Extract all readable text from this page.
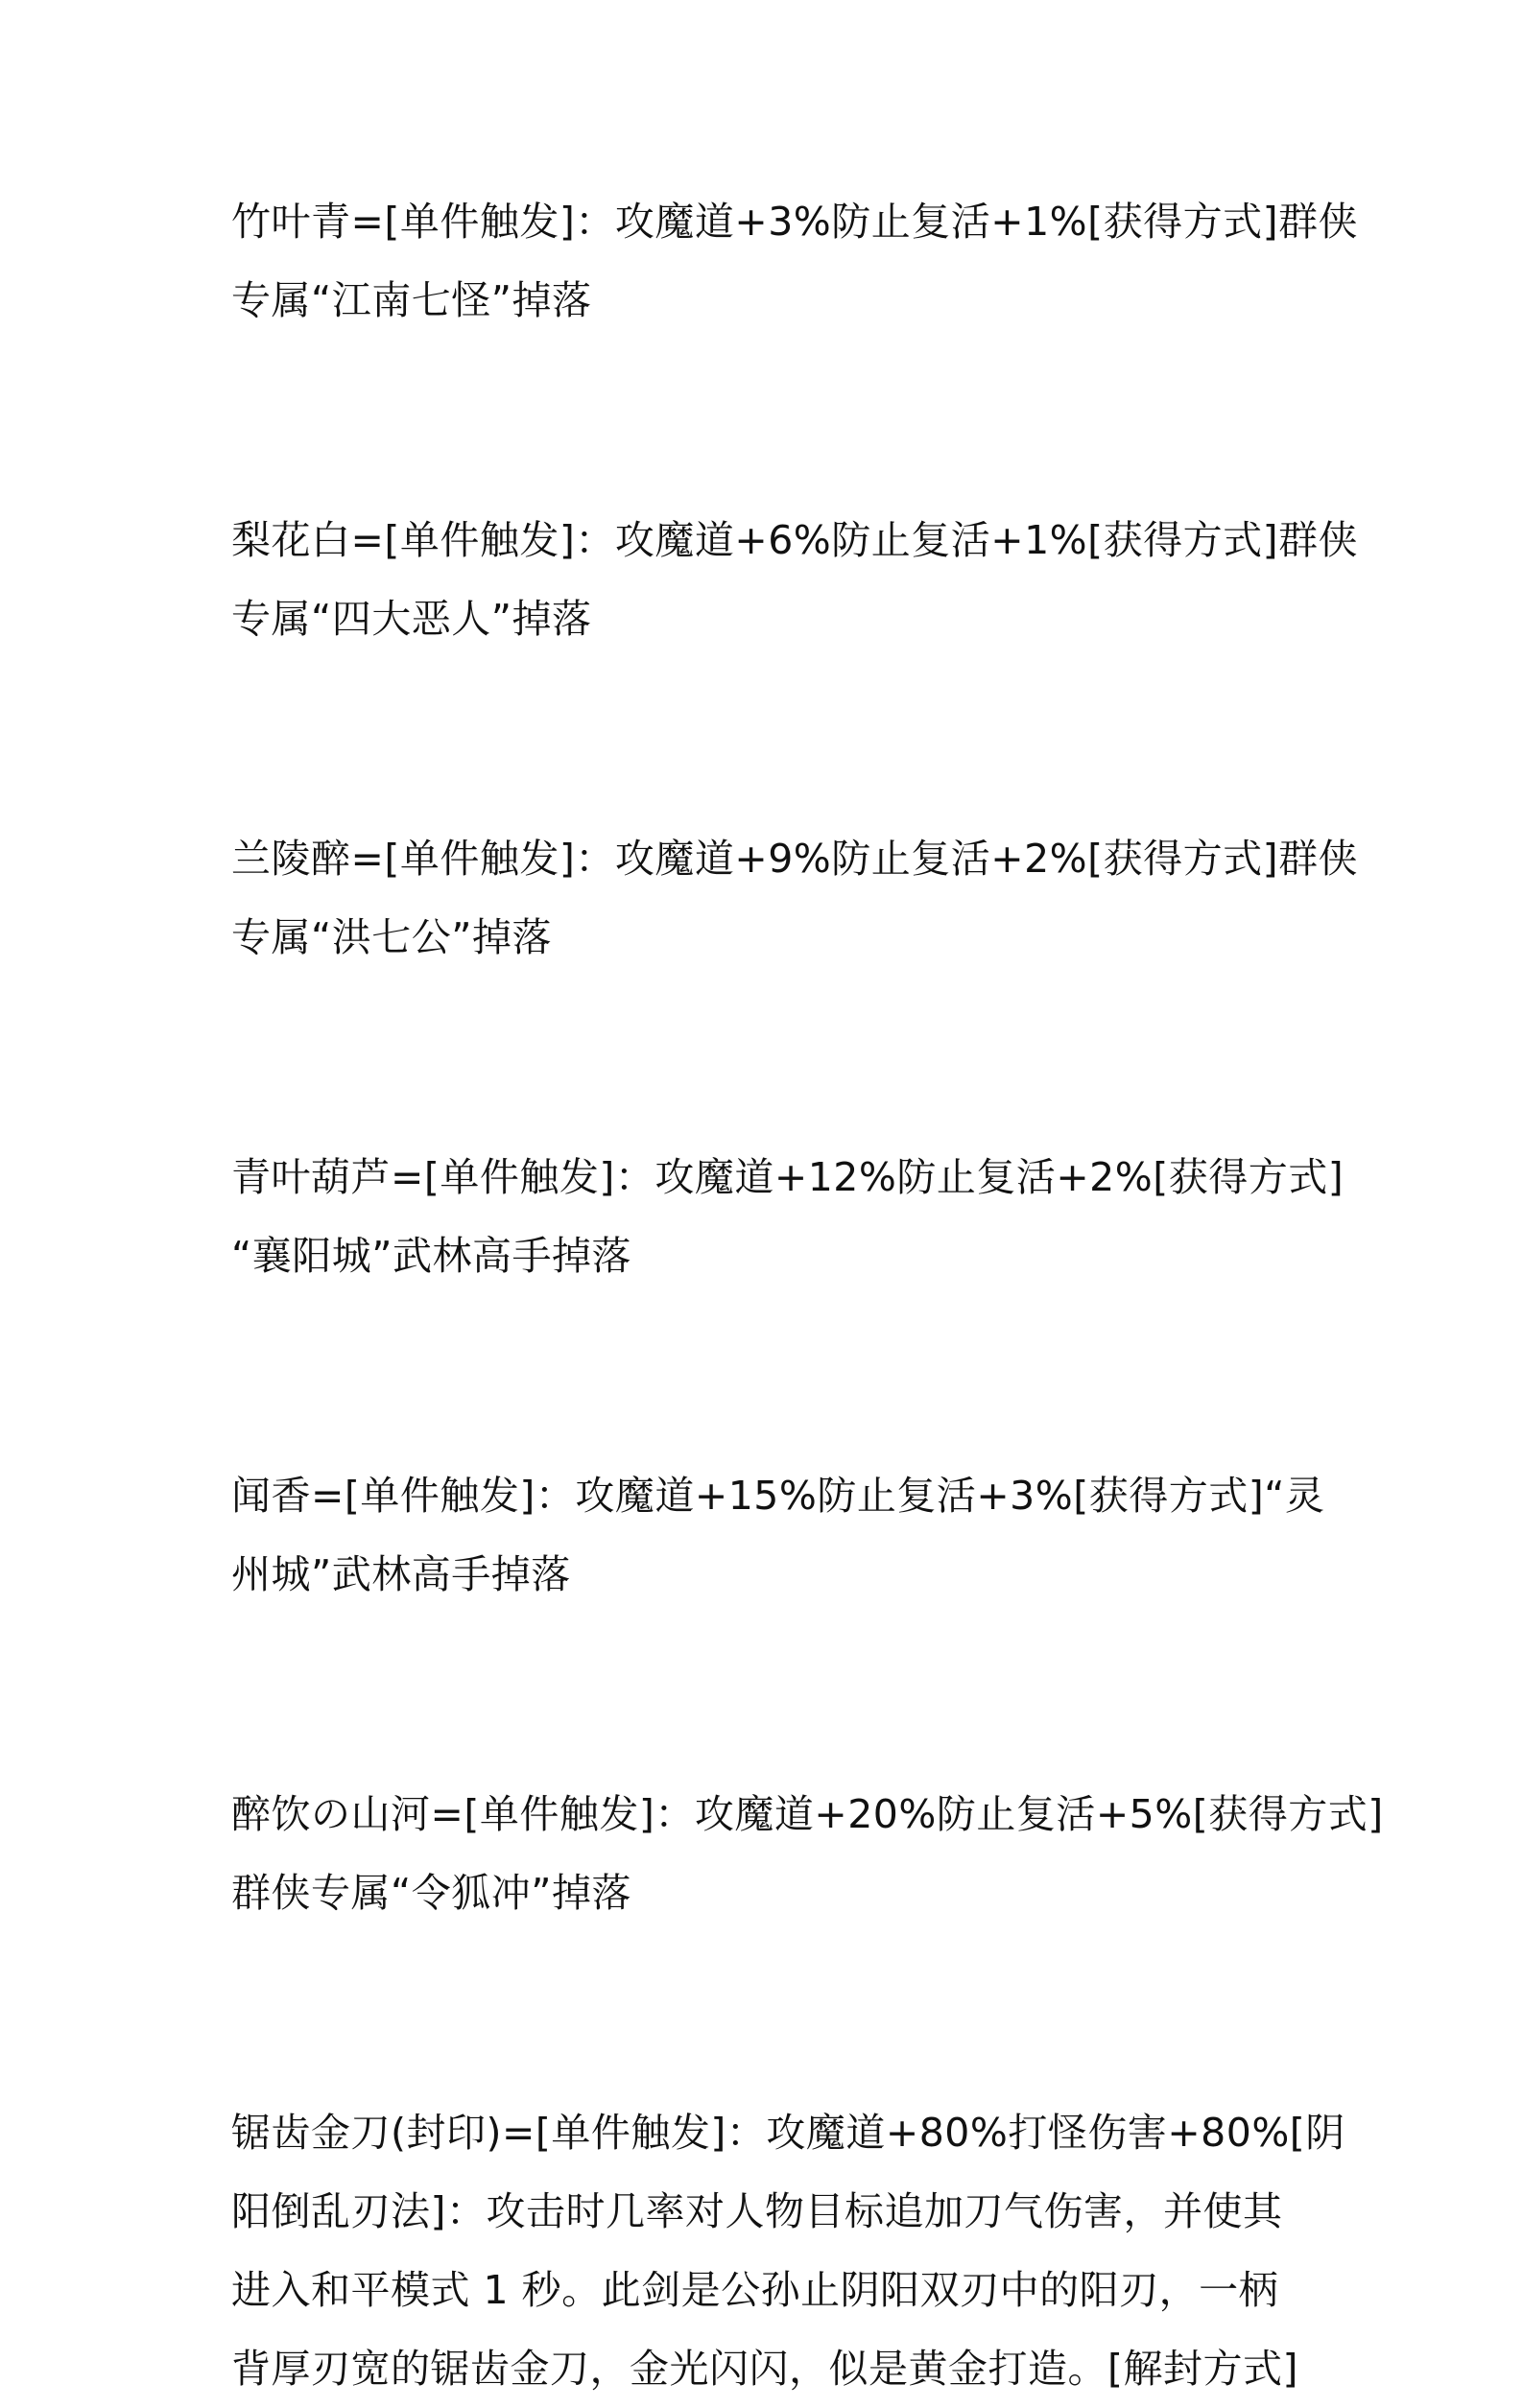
竹叶青=[单件触发]：攻魔道+3%防止复活+1%[获得方式]群侠
专属“江南七怪”掉落

梨花白=[单件触发]：攻魔道+6%防止复活+1%[获得方式]群侠
专属“四大恶人”掉落

兰陵醉=[单件触发]：攻魔道+9%防止复活+2%[获得方式]群侠
专属“洪七公”掉落

青叶葫芦=[单件触发]：攻魔道+12%防止复活+2%[获得方式]
“襄阳城”武林高手掉落

闻香=[单件触发]：攻魔道+15%防止复活+3%[获得方式]“灵
州城”武林高手掉落

醉饮の山河=[单件触发]：攻魔道+20%防止复活+5%[获得方式]
群侠专属“令狐冲”掉落

锯齿金刀(封印)=[单件触发]：攻魔道+80%打怪伤害+80%[阴
阳倒乱刃法]：攻击时几率对人物目标追加刀气伤害，并使其
进入和平模式 1 秒。此剑是公孙止阴阳双刃中的阳刃，一柄
背厚刃宽的锯齿金刀，金光闪闪，似是黄金打造。[解封方式]
